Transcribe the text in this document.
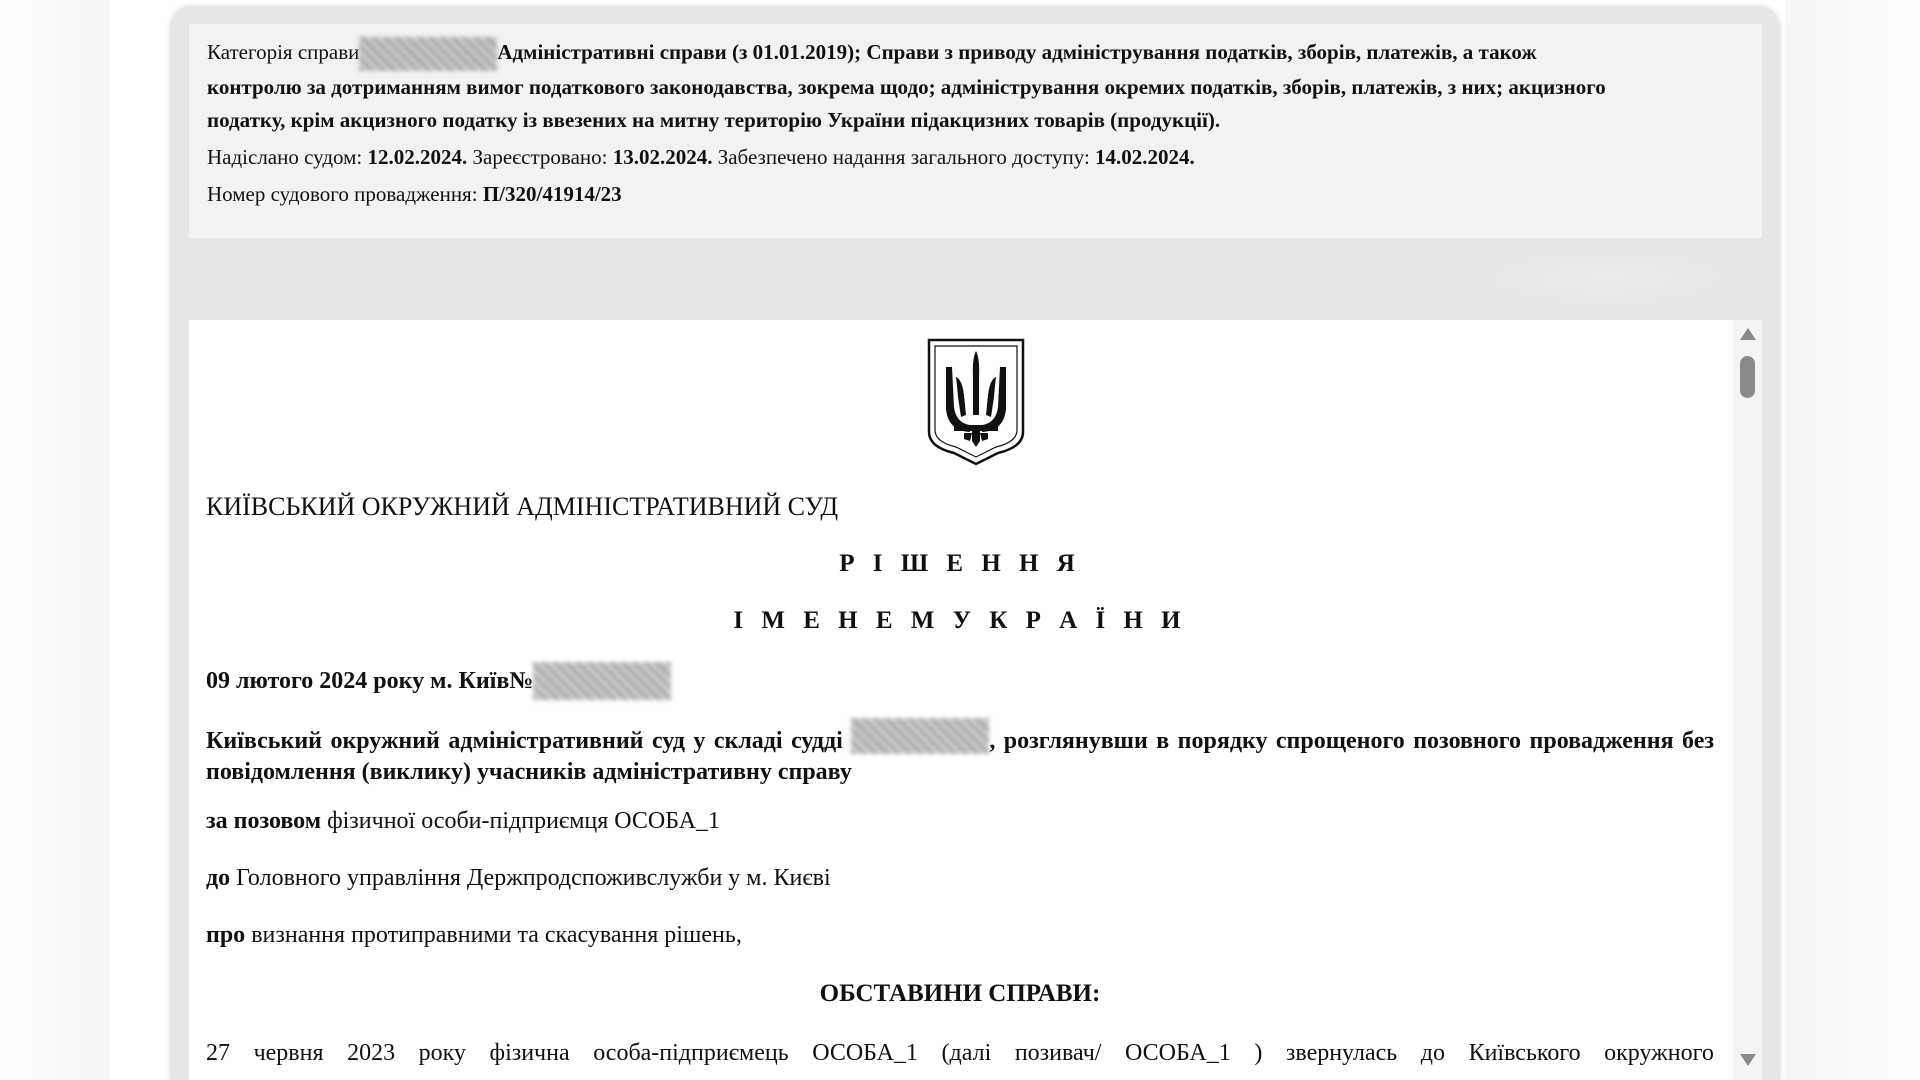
Категорія справи	Адміністративні справи (з 01.01.2019); Справи з приводу адміністрування податків, зборів, платежів, а також

контролю за дотриманням вимог податкового законодавства, зокрема щодо; адміністрування окремих податків, зборів, платежів, з них; акцизного

податку, крім акцизного податку із ввезених на митну територію України підакцизних товарів (продукції).

Надіслано судом: 12.02.2024. Зареєстровано: 13.02.2024. Забезпечено надання загального доступу: 14.02.2024.

Номер судового провадження: П/320/41914/23

КИЇВСЬКИЙ ОКРУЖНИЙ АДМІНІСТРАТИВНИЙ СУД
Р І Ш Е Н Н Я
І М Е Н Е М У К Р А Ї Н И
09 лютого 2024 року м. Київ№
Київський окружний адміністративний суд у складі судді	, розглянувши в порядку спрощеного позовного провадження без повідомлення (виклику) учасників адміністративну справу
за позовом фізичної особи-підприємця ОСОБА_1
до Головного управління Держпродспоживслужби у м. Києві
про визнання протиправними та скасування рішень,
ОБСТАВИНИ СПРАВИ:
27 червня 2023 року фізична особа-підприємець ОСОБА_1 (далі позивач/ ОСОБА_1 ) звернулась до Київського окружного
